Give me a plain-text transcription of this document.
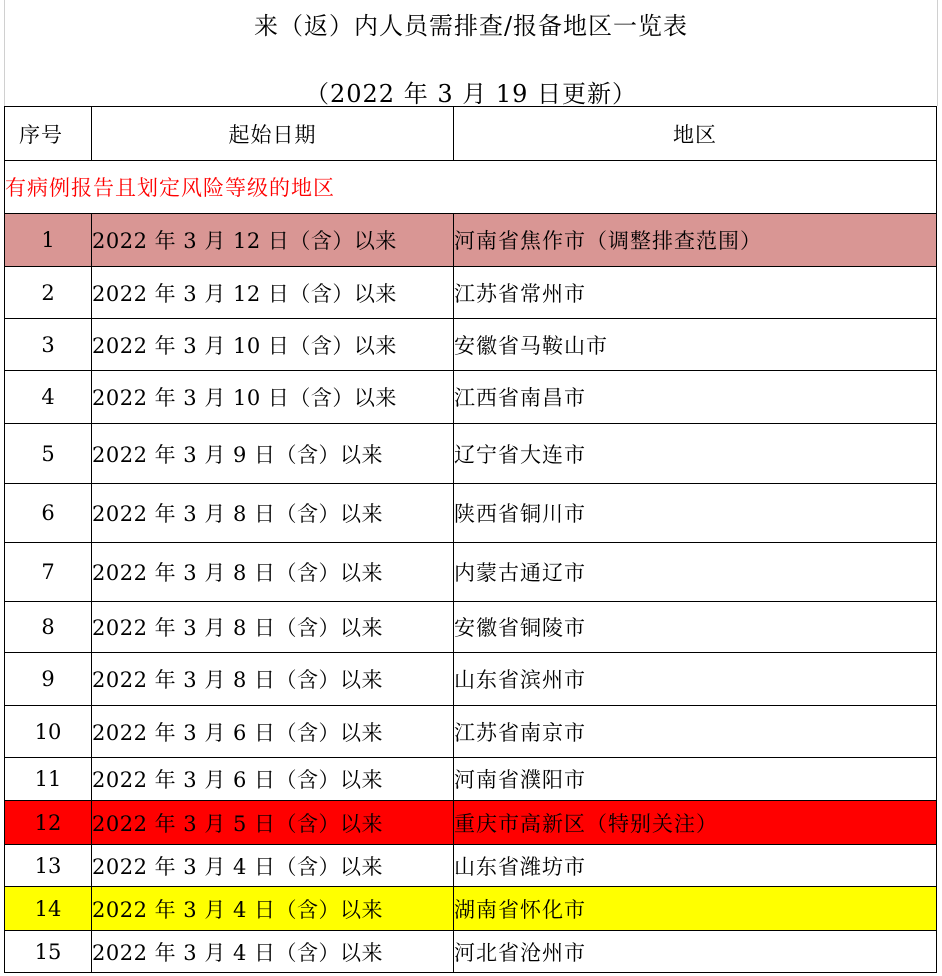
来（返）内人员需排查/报备地区一览表
（2022 年 3 月 19 日更新）
序号	起始日期	地区
有病例报告且划定风险等级的地区		
1	2022 年 3 月 12 日（含）以来	河南省焦作市（调整排查范围）
2	2022 年 3 月 12 日（含）以来	江苏省常州市
3	2022 年 3 月 10 日（含）以来	安徽省马鞍山市
4	2022 年 3 月 10 日（含）以来	江西省南昌市
5	2022 年 3 月 9 日（含）以来	辽宁省大连市
6	2022 年 3 月 8 日（含）以来	陕西省铜川市
7	2022 年 3 月 8 日（含）以来	内蒙古通辽市
8	2022 年 3 月 8 日（含）以来	安徽省铜陵市
9	2022 年 3 月 8 日（含）以来	山东省滨州市
10	2022 年 3 月 6 日（含）以来	江苏省南京市
11	2022 年 3 月 6 日（含）以来	河南省濮阳市
12	2022 年 3 月 5 日（含）以来	重庆市高新区（特别关注）
13	2022 年 3 月 4 日（含）以来	山东省潍坊市
14	2022 年 3 月 4 日（含）以来	湖南省怀化市
15	2022 年 3 月 4 日（含）以来	河北省沧州市
